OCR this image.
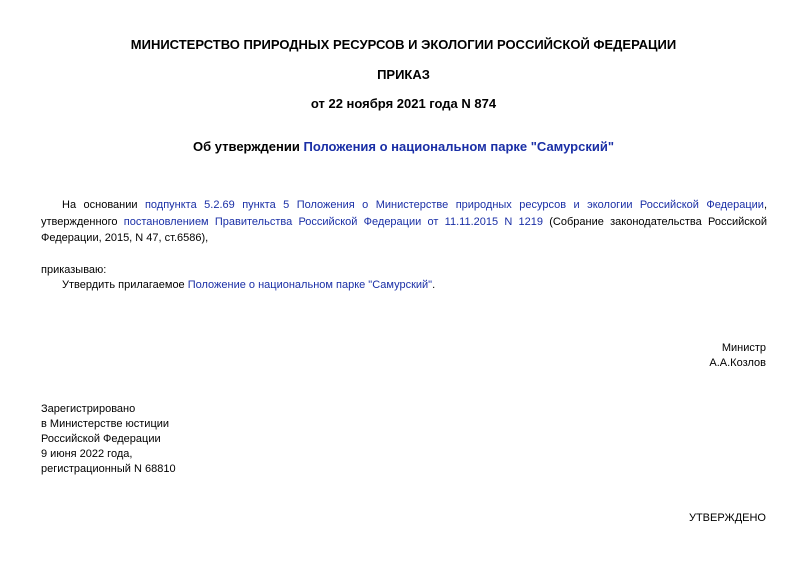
МИНИСТЕРСТВО ПРИРОДНЫХ РЕСУРСОВ И ЭКОЛОГИИ РОССИЙСКОЙ ФЕДЕРАЦИИ
ПРИКАЗ
от 22 ноября 2021 года N 874
Об утверждении Положения о национальном парке "Самурский"
На основании подпункта 5.2.69 пункта 5 Положения о Министерстве природных ресурсов и экологии Российской Федерации, утвержденного постановлением Правительства Российской Федерации от 11.11.2015 N 1219 (Собрание законодательства Российской Федерации, 2015, N 47, ст.6586),
приказываю:
Утвердить прилагаемое Положение о национальном парке "Самурский".
Министр
А.А.Козлов
Зарегистрировано
в Министерстве юстиции
Российской Федерации
9 июня 2022 года,
регистрационный N 68810
УТВЕРЖДЕНО
